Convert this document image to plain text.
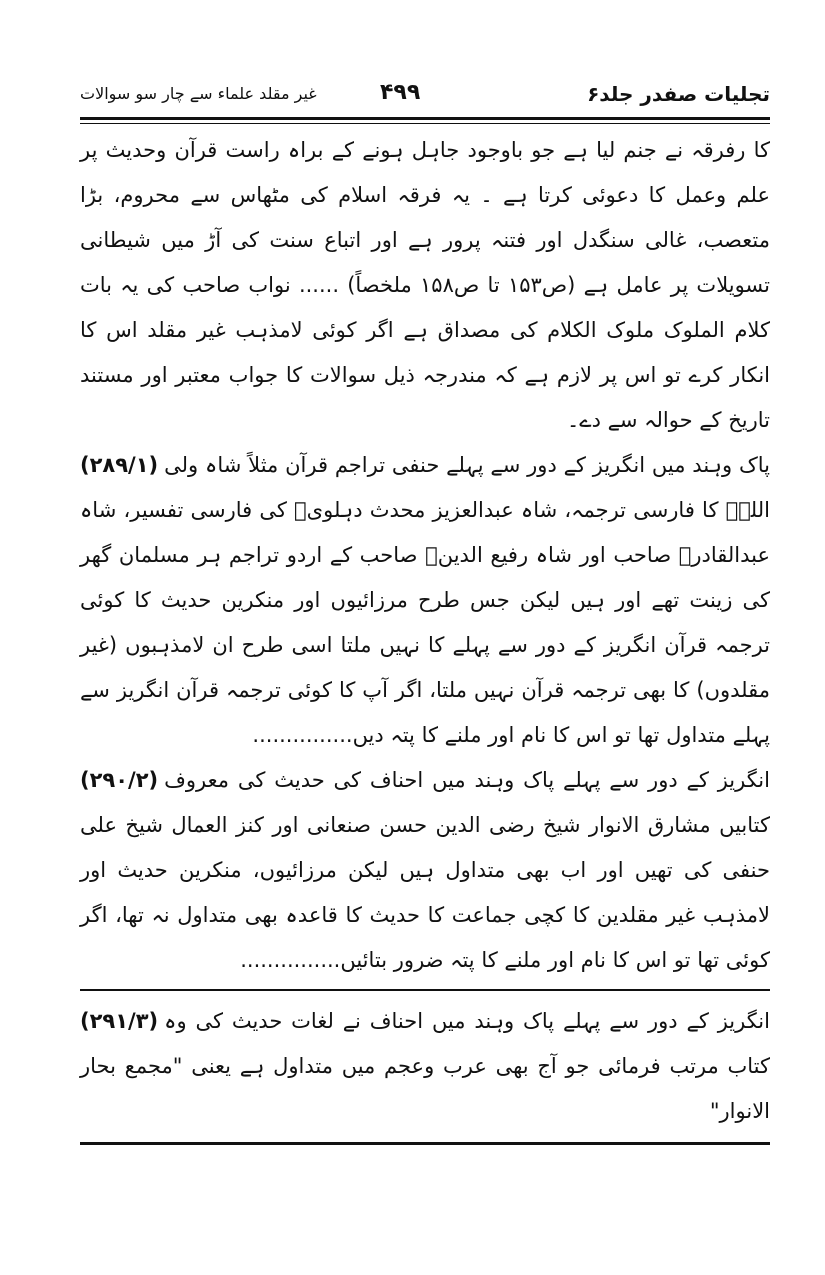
تجلیات صفدر جلد۶
۴۹۹
غیر مقلد علماء سے چار سو سوالات

کا رفرقہ نے جنم لیا ہے جو باوجود جاہل ہونے کے براہ راست قرآن وحدیث پر علم وعمل کا دعوئی کرتا ہے ۔ یہ فرقہ اسلام کی مٹھاس سے محروم، بڑا متعصب، غالی سنگدل اور فتنہ پرور ہے اور اتباع سنت کی آڑ میں شیطانی تسویلات پر عامل ہے (ص۱۵۳ تا ص۱۵۸ ملخصاً) ...... نواب صاحب کی یہ بات کلام الملوک ملوک الکلام کی مصداق ہے اگر کوئی لامذہب غیر مقلد اس کا انکار کرے تو اس پر لازم ہے کہ مندرجہ ذیل سوالات کا جواب معتبر اور مستند تاریخ کے حوالہ سے دے۔

(۲۸۹/۱) پاک وہند میں انگریز کے دور سے پہلے حنفی تراجم قرآن مثلاً شاہ ولی اللہؒ کا فارسی ترجمہ، شاہ عبدالعزیز محدث دہلویؒ کی فارسی تفسیر، شاہ عبدالقادرؒ صاحب اور شاہ رفیع الدینؒ صاحب کے اردو تراجم ہر مسلمان گھر کی زینت تھے اور ہیں لیکن جس طرح مرزائیوں اور منکرین حدیث کا کوئی ترجمہ قرآن انگریز کے دور سے پہلے کا نہیں ملتا اسی طرح ان لامذہبوں (غیر مقلدوں) کا بھی ترجمہ قرآن نہیں ملتا، اگر آپ کا کوئی ترجمہ قرآن انگریز سے پہلے متداول تھا تو اس کا نام اور ملنے کا پتہ دیں...............

(۲۹۰/۲) انگریز کے دور سے پہلے پاک وہند میں احناف کی حدیث کی معروف کتابیں مشارق الانوار شیخ رضی الدین حسن صنعانی اور کنز العمال شیخ علی حنفی کی تھیں اور اب بھی متداول ہیں لیکن مرزائیوں، منکرین حدیث اور لامذہب غیر مقلدین کا کچی جماعت کا حدیث کا قاعدہ بھی متداول نہ تھا، اگر کوئی تھا تو اس کا نام اور ملنے کا پتہ ضرور بتائیں...............

(۲۹۱/۳) انگریز کے دور سے پہلے پاک وہند میں احناف نے لغات حدیث کی وہ کتاب مرتب فرمائی جو آج بھی عرب وعجم میں متداول ہے یعنی "مجمع بحار الانوار"
